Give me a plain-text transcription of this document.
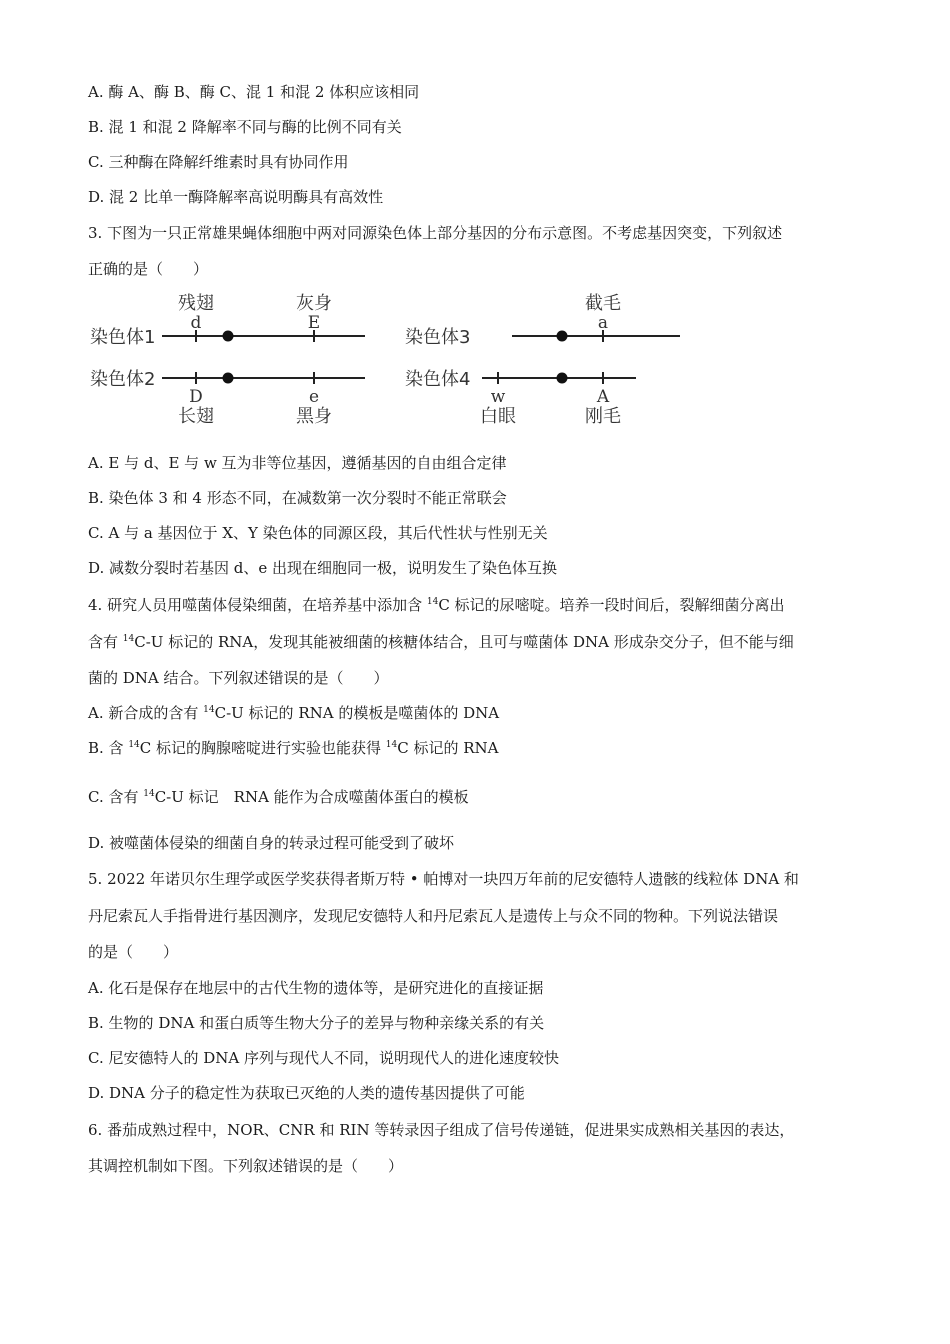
A. 酶 A、酶 B、酶 C、混 1 和混 2 体积应该相同
B. 混 1 和混 2 降解率不同与酶的比例不同有关
C. 三种酶在降解纤维素时具有协同作用
D. 混 2 比单一酶降解率高说明酶具有高效性
3. 下图为一只正常雄果蝇体细胞中两对同源染色体上部分基因的分布示意图。不考虑基因突变，下列叙述
正确的是（　　）
染色体1
残翅
d
灰身
E
染色体2
D
长翅
e
黑身
染色体3
截毛
a
染色体4
w
白眼
A
刚毛
A. E 与 d、E 与 w 互为非等位基因，遵循基因的自由组合定律
B. 染色体 3 和 4 形态不同，在减数第一次分裂时不能正常联会
C. A 与 a 基因位于 X、Y 染色体的同源区段，其后代性状与性别无关
D. 减数分裂时若基因 d、e 出现在细胞同一极，说明发生了染色体互换
4. 研究人员用噬菌体侵染细菌，在培养基中添加含 $^{14}$C 标记的尿嘧啶。培养一段时间后，裂解细菌分离出
含有 $^{14}$C-U 标记的 RNA，发现其能被细菌的核糖体结合，且可与噬菌体 DNA 形成杂交分子，但不能与细
菌的 DNA 结合。下列叙述错误的是（　　）
A. 新合成的含有 $^{14}$C-U 标记的 RNA 的模板是噬菌体的 DNA
B. 含 $^{14}$C 标记的胸腺嘧啶进行实验也能获得 $^{14}$C 标记的 RNA
C. 含有 $^{14}$C-U 标记　RNA 能作为合成噬菌体蛋白的模板
D. 被噬菌体侵染的细菌自身的转录过程可能受到了破坏
5. 2022 年诺贝尔生理学或医学奖获得者斯万特 • 帕博对一块四万年前的尼安德特人遗骸的线粒体 DNA 和
丹尼索瓦人手指骨进行基因测序，发现尼安德特人和丹尼索瓦人是遗传上与众不同的物种。下列说法错误
的是（　　）
A. 化石是保存在地层中的古代生物的遗体等，是研究进化的直接证据
B. 生物的 DNA 和蛋白质等生物大分子的差异与物种亲缘关系的有关
C. 尼安德特人的 DNA 序列与现代人不同，说明现代人的进化速度较快
D. DNA 分子的稳定性为获取已灭绝的人类的遗传基因提供了可能
6. 番茄成熟过程中，NOR、CNR 和 RIN 等转录因子组成了信号传递链，促进果实成熟相关基因的表达，
其调控机制如下图。下列叙述错误的是（　　）
